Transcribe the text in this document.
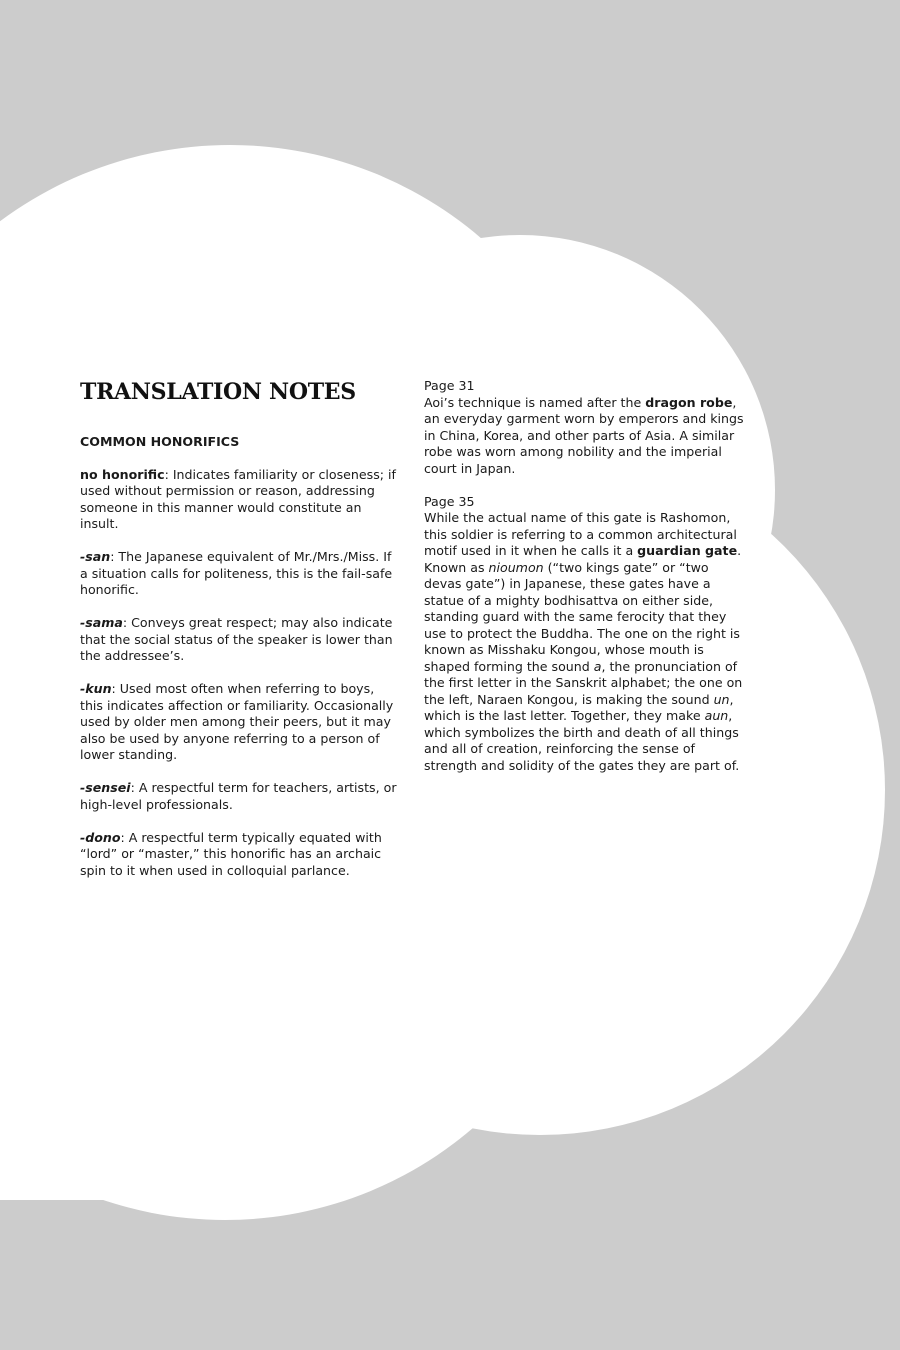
TRANSLATION NOTES
COMMON HONORIFICS

no honorific: Indicates familiarity or closeness; if used without permission or reason, addressing someone in this manner would constitute an insult.

-san: The Japanese equivalent of Mr./Mrs./Miss. If a situation calls for politeness, this is the fail-safe honorific.

-sama: Conveys great respect; may also indicate that the social status of the speaker is lower than the addressee’s.

-kun: Used most often when referring to boys, this indicates affection or familiarity. Occasionally used by older men among their peers, but it may also be used by anyone referring to a person of lower standing.

-sensei: A respectful term for teachers, artists, or high-level professionals.

-dono: A respectful term typically equated with “lord” or “master,” this honorific has an archaic spin to it when used in colloquial parlance.

Page 31
Aoi’s technique is named after the dragon robe, an everyday garment worn by emperors and kings in China, Korea, and other parts of Asia. A similar robe was worn among nobility and the imperial court in Japan.

Page 35
While the actual name of this gate is Rashomon, this soldier is referring to a common architectural motif used in it when he calls it a guardian gate. Known as nioumon (“two kings gate” or “two devas gate”) in Japanese, these gates have a statue of a mighty bodhisattva on either side, standing guard with the same ferocity that they use to protect the Buddha. The one on the right is known as Misshaku Kongou, whose mouth is shaped forming the sound a, the pronunciation of the first letter in the Sanskrit alphabet; the one on the left, Naraen Kongou, is making the sound un, which is the last letter. Together, they make aun, which symbolizes the birth and death of all things and all of creation, reinforcing the sense of strength and solidity of the gates they are part of.
